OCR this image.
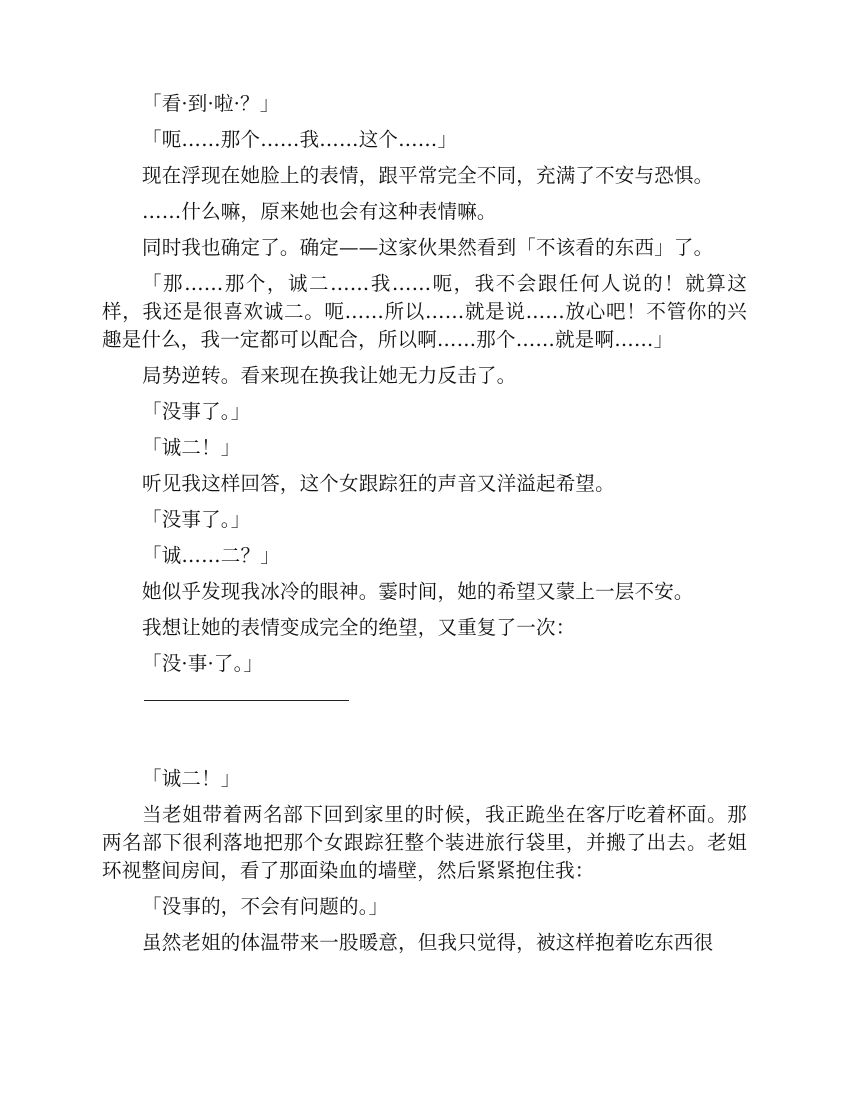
「看·到·啦·？」

「呃……那个……我……这个……」

现在浮现在她脸上的表情，跟平常完全不同，充满了不安与恐惧。

……什么嘛，原来她也会有这种表情嘛。

同时我也确定了。确定——这家伙果然看到「不该看的东西」了。

「那……那个，诚二……我……呃，我不会跟任何人说的！就算这样，我还是很喜欢诚二。呃……所以……就是说……放心吧！不管你的兴趣是什么，我一定都可以配合，所以啊……那个……就是啊……」

局势逆转。看来现在换我让她无力反击了。

「没事了。」

「诚二！」

听见我这样回答，这个女跟踪狂的声音又洋溢起希望。

「没事了。」

「诚……二？」

她似乎发现我冰冷的眼神。霎时间，她的希望又蒙上一层不安。

我想让她的表情变成完全的绝望，又重复了一次：

「没·事·了。」

「诚二！」

当老姐带着两名部下回到家里的时候，我正跪坐在客厅吃着杯面。那两名部下很利落地把那个女跟踪狂整个装进旅行袋里，并搬了出去。老姐环视整间房间，看了那面染血的墙壁，然后紧紧抱住我：

「没事的，不会有问题的。」

虽然老姐的体温带来一股暖意，但我只觉得，被这样抱着吃东西很
